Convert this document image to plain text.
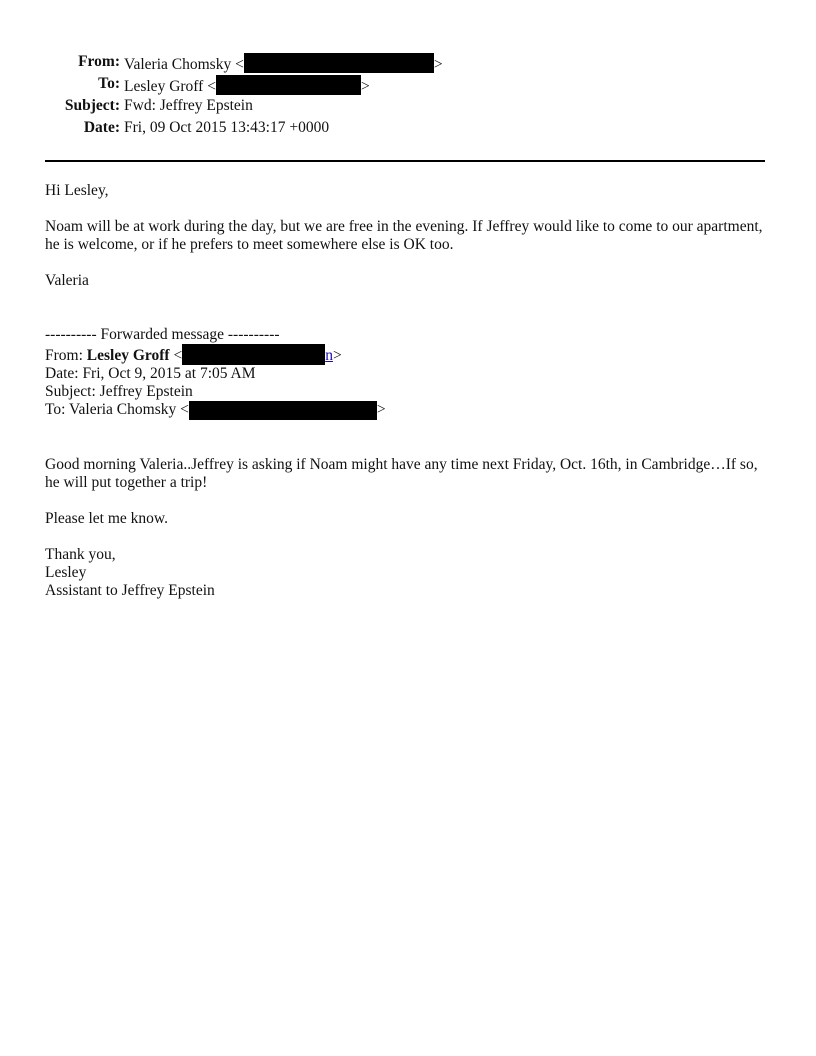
From: Valeria Chomsky <	>
To: Lesley Groff <	>
Subject: Fwd: Jeffrey Epstein
Date: Fri, 09 Oct 2015 13:43:17 +0000

Hi Lesley,

Noam will be at work during the day, but we are free in the evening. If Jeffrey would like to come to our apartment, he is welcome, or if he prefers to meet somewhere else is OK too.

Valeria

---------- Forwarded message ----------
From: Lesley Groff <	n>
Date: Fri, Oct 9, 2015 at 7:05 AM
Subject: Jeffrey Epstein
To: Valeria Chomsky <	>

Good morning Valeria..Jeffrey is asking if Noam might have any time next Friday, Oct. 16th, in Cambridge…If so, he will put together a trip!

Please let me know.

Thank you,
Lesley
Assistant to Jeffrey Epstein
